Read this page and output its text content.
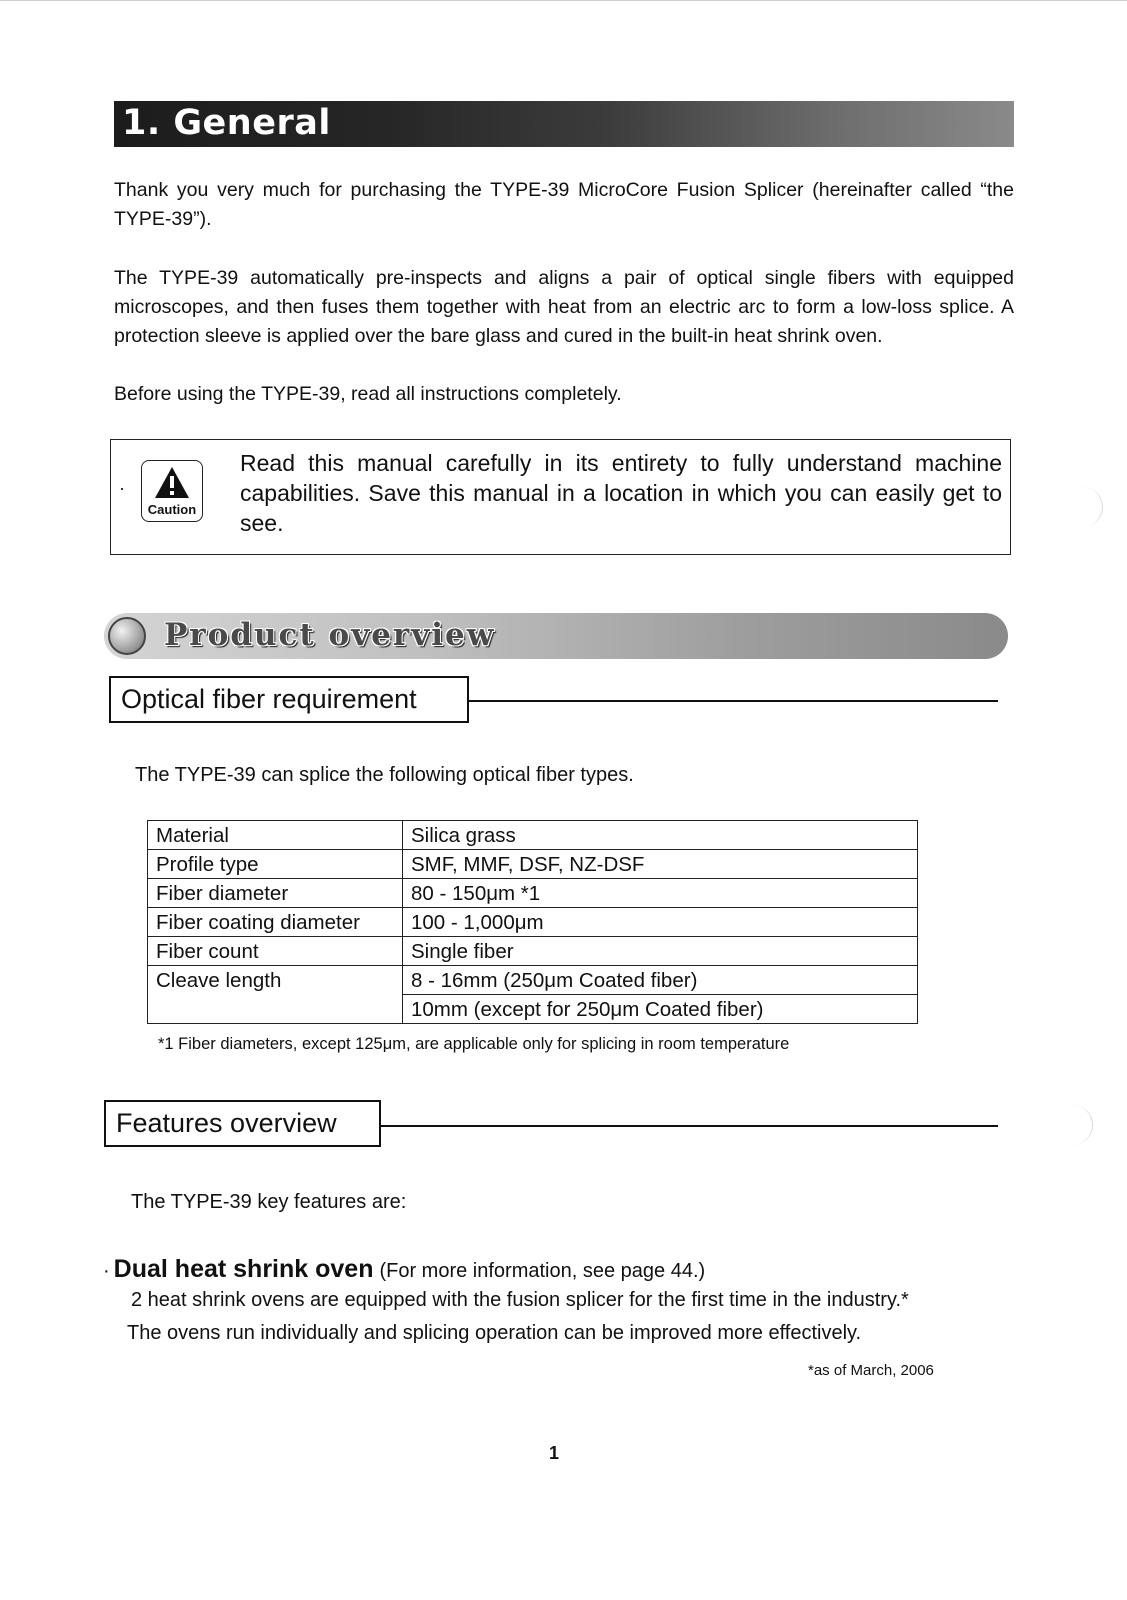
1. General

Thank you very much for purchasing the TYPE-39 MicroCore Fusion Splicer (hereinafter called “the TYPE-39”).

The TYPE-39 automatically pre-inspects and aligns a pair of optical single fibers with equipped microscopes, and then fuses them together with heat from an electric arc to form a low-loss splice. A protection sleeve is applied over the bare glass and cured in the built-in heat shrink oven.

Before using the TYPE-39, read all instructions completely.

·
Caution

Read this manual carefully in its entirety to fully understand machine capabilities. Save this manual in a location in which you can easily get to see.

Product overview
Optical fiber requirement

The TYPE-39 can splice the following optical fiber types.

Material	Silica grass
Profile type	SMF, MMF, DSF, NZ-DSF
Fiber diameter	80 - 150μm *1
Fiber coating diameter	100 - 1,000μm
Fiber count	Single fiber
Cleave length	8 - 16mm (250μm Coated fiber)
	10mm (except for 250μm Coated fiber)

*1 Fiber diameters, except 125μm, are applicable only for splicing in room temperature

Features overview

The TYPE-39 key features are:

· Dual heat shrink oven (For more information, see page 44.)

2 heat shrink ovens are equipped with the fusion splicer for the first time in the industry.*

The ovens run individually and splicing operation can be improved more effectively.

*as of March, 2006

1
